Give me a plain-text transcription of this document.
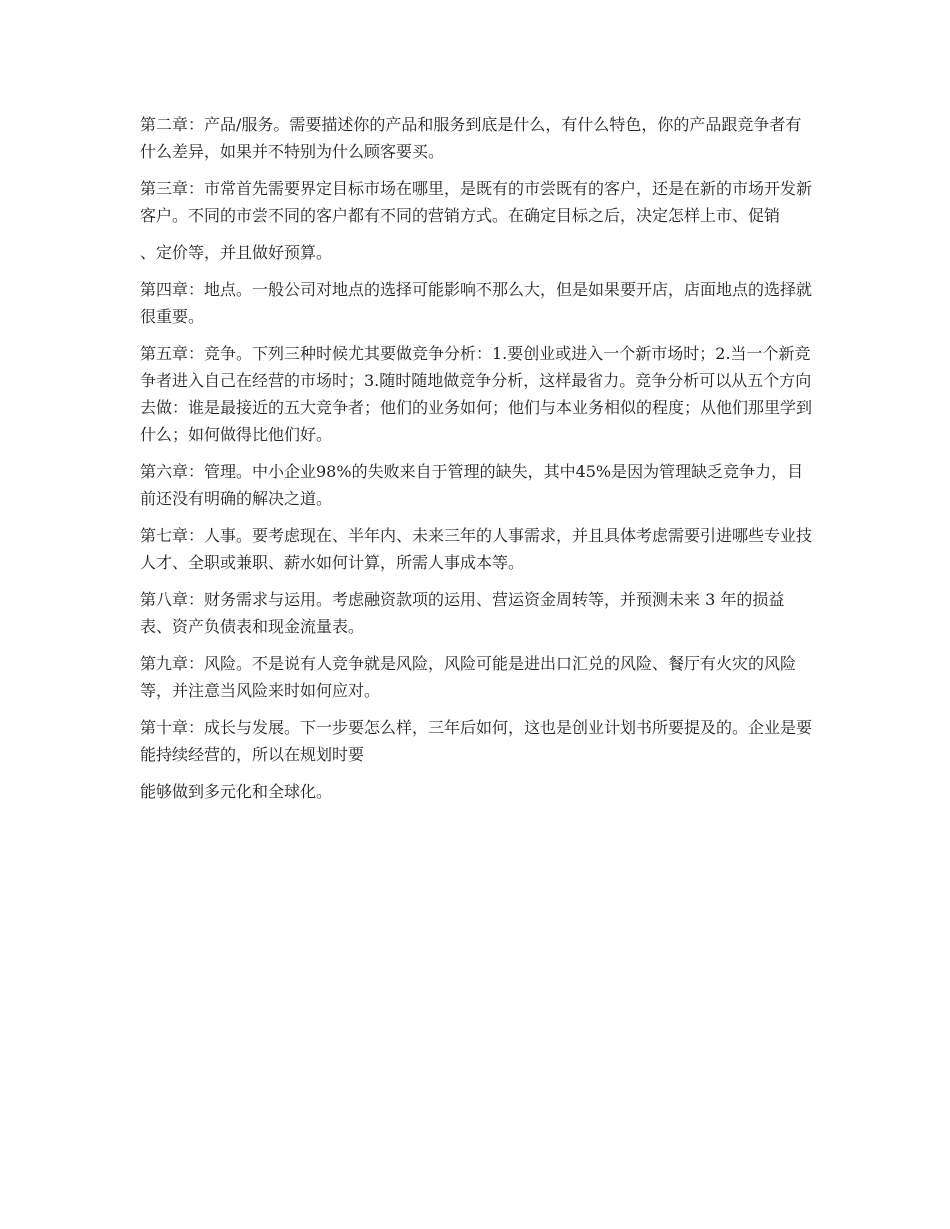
第二章：产品/服务。需要描述你的产品和服务到底是什么，有什么特色，你的产品跟竞争者有什么差异，如果并不特别为什么顾客要买。

第三章：市常首先需要界定目标市场在哪里，是既有的市尝既有的客户，还是在新的市场开发新客户。不同的市尝不同的客户都有不同的营销方式。在确定目标之后，决定怎样上市、促销

、定价等，并且做好预算。

第四章：地点。一般公司对地点的选择可能影响不那么大，但是如果要开店，店面地点的选择就很重要。

第五章：竞争。下列三种时候尤其要做竞争分析：1.要创业或进入一个新市场时；2.当一个新竞争者进入自己在经营的市场时；3.随时随地做竞争分析，这样最省力。竞争分析可以从五个方向去做：谁是最接近的五大竞争者；他们的业务如何；他们与本业务相似的程度；从他们那里学到什么；如何做得比他们好。

第六章：管理。中小企业98%的失败来自于管理的缺失，其中45%是因为管理缺乏竞争力，目前还没有明确的解决之道。

第七章：人事。要考虑现在、半年内、未来三年的人事需求，并且具体考虑需要引进哪些专业技人才、全职或兼职、薪水如何计算，所需人事成本等。

第八章：财务需求与运用。考虑融资款项的运用、营运资金周转等，并预测未来 3 年的损益表、资产负债表和现金流量表。

第九章：风险。不是说有人竞争就是风险，风险可能是进出口汇兑的风险、餐厅有火灾的风险等，并注意当风险来时如何应对。

第十章：成长与发展。下一步要怎么样，三年后如何，这也是创业计划书所要提及的。企业是要能持续经营的，所以在规划时要

能够做到多元化和全球化。
